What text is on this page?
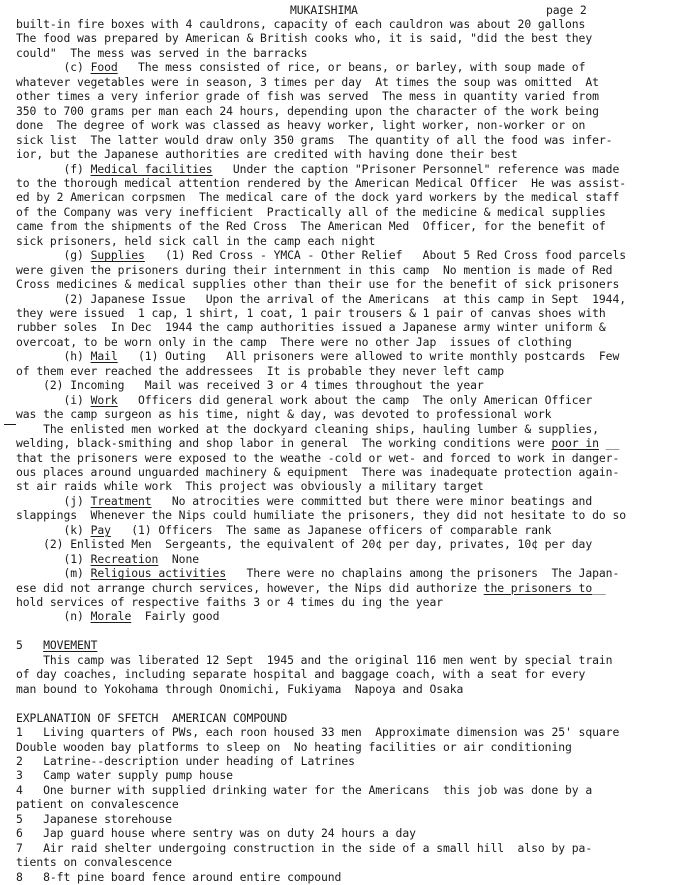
MUKAISHIMA	page 2
built-in fire boxes with 4 cauldrons, capacity of each cauldron was about 20 gallons
The food was prepared by American & British cooks who, it is said, "did the best they
could"  The mess was served in the barracks
(c) Food   The mess consisted of rice, or beans, or barley, with soup made of
whatever vegetables were in season, 3 times per day  At times the soup was omitted  At
other times a very inferior grade of fish was served  The mess in quantity varied from
350 to 700 grams per man each 24 hours, depending upon the character of the work being
done  The degree of work was classed as heavy worker, light worker, non-worker or on
sick list  The latter would draw only 350 grams  The quantity of all the food was infer-
ior, but the Japanese authorities are credited with having done their best
(f) Medical facilities   Under the caption "Prisoner Personnel" reference was made
to the thorough medical attention rendered by the American Medical Officer  He was assist-
ed by 2 American corpsmen  The medical care of the dock yard workers by the medical staff
of the Company was very inefficient  Practically all of the medicine & medical supplies
came from the shipments of the Red Cross  The American Med  Officer, for the benefit of
sick prisoners, held sick call in the camp each night
(g) Supplies   (1) Red Cross - YMCA - Other Relief   About 5 Red Cross food parcels
were given the prisoners during their internment in this camp  No mention is made of Red
Cross medicines & medical supplies other than their use for the benefit of sick prisoners
(2) Japanese Issue   Upon the arrival of the Americans  at this camp in Sept  1944,
they were issued  1 cap, 1 shirt, 1 coat, 1 pair trousers & 1 pair of canvas shoes with
rubber soles  In Dec  1944 the camp authorities issued a Japanese army winter uniform &
overcoat, to be worn only in the camp  There were no other Jap  issues of clothing
(h) Mail   (1) Outing   All prisoners were allowed to write monthly postcards  Few
of them ever reached the addressees  It is probable they never left camp
(2) Incoming   Mail was received 3 or 4 times throughout the year
(i) Work   Officers did general work about the camp  The only American Officer
was the camp surgeon as his time, night & day, was devoted to professional work
The enlisted men worked at the dockyard cleaning ships, hauling lumber & supplies,
welding, black-smithing and shop labor in general  The working conditions were poor in __
that the prisoners were exposed to the weathe -cold or wet- and forced to work in danger-
ous places around unguarded machinery & equipment  There was inadequate protection again-
st air raids while work  This project was obviously a military target
(j) Treatment   No atrocities were committed but there were minor beatings and
slappings  Whenever the Nips could humiliate the prisoners, they did not hesitate to do so
(k) Pay   (1) Officers  The same as Japanese officers of comparable rank
(2) Enlisted Men  Sergeants, the equivalent of 20¢ per day, privates, 10¢ per day
(1) Recreation  None
(m) Religious activities   There were no chaplains among the prisoners  The Japan-
ese did not arrange church services, however, the Nips did authorize the prisoners to__
hold services of respective faiths 3 or 4 times du ing the year
(n) Morale  Fairly good
5   MOVEMENT
This camp was liberated 12 Sept  1945 and the original 116 men went by special train
of day coaches, including separate hospital and baggage coach, with a seat for every
man bound to Yokohama through Onomichi, Fukiyama  Napoya and Osaka
EXPLANATION OF SFETCH  AMERICAN COMPOUND
1   Living quarters of PWs, each roon housed 33 men  Approximate dimension was 25' square
Double wooden bay platforms to sleep on  No heating facilities or air conditioning
2   Latrine--description under heading of Latrines
3   Camp water supply pump house
4   One burner with supplied drinking water for the Americans  this job was done by a
patient on convalescence
5   Japanese storehouse
6   Jap guard house where sentry was on duty 24 hours a day
7   Air raid shelter undergoing construction in the side of a small hill  also by pa-
tients on convalescence
8   8-ft pine board fence around entire compound
